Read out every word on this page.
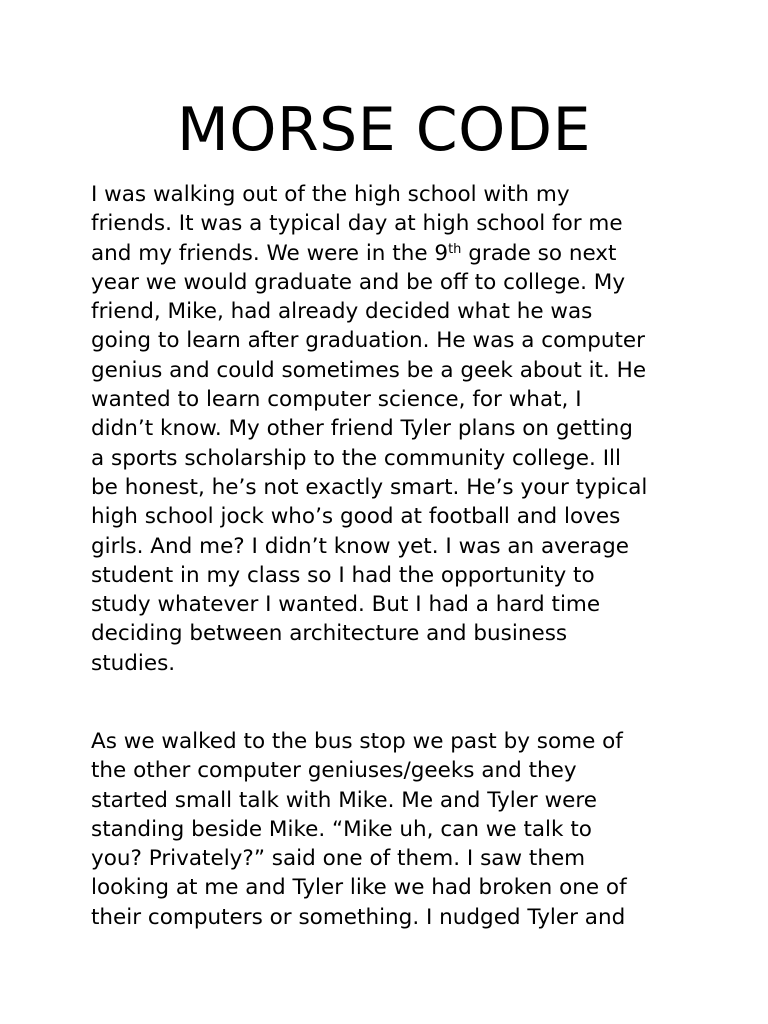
MORSE CODE
I was walking out of the high school with my
friends. It was a typical day at high school for me
and my friends. We were in the 9th grade so next
year we would graduate and be off to college. My
friend, Mike, had already decided what he was
going to learn after graduation. He was a computer
genius and could sometimes be a geek about it. He
wanted to learn computer science, for what, I
didn’t know. My other friend Tyler plans on getting
a sports scholarship to the community college. Ill
be honest, he’s not exactly smart. He’s your typical
high school jock who’s good at football and loves
girls. And me? I didn’t know yet. I was an average
student in my class so I had the opportunity to
study whatever I wanted. But I had a hard time
deciding between architecture and business
studies.
As we walked to the bus stop we past by some of
the other computer geniuses/geeks and they
started small talk with Mike. Me and Tyler were
standing beside Mike. “Mike uh, can we talk to
you? Privately?” said one of them. I saw them
looking at me and Tyler like we had broken one of
their computers or something. I nudged Tyler and
